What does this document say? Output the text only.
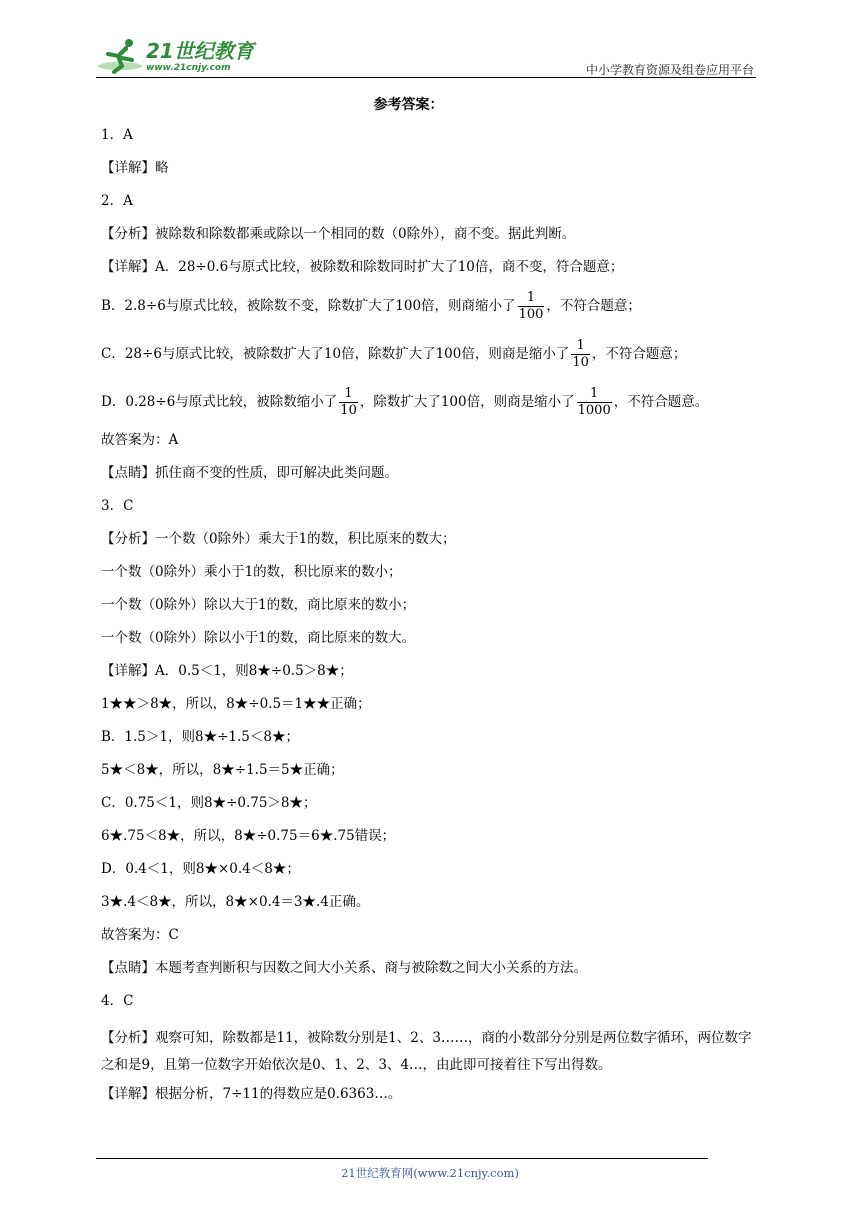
21世纪教育
www.21cnjy.com	中小学教育资源及组卷应用平台
参考答案：
1．A
【详解】略
2．A
【分析】被除数和除数都乘或除以一个相同的数（0除外），商不变。据此判断。
【详解】A．28÷0.6与原式比较，被除数和除数同时扩大了10倍，商不变，符合题意；
B．2.8÷6与原式比较，被除数不变，除数扩大了100倍，则商缩小了 $\frac{1}{100}$ ，不符合题意；
C．28÷6与原式比较，被除数扩大了10倍，除数扩大了100倍，则商是缩小了 $\frac{1}{10}$ ，不符合题意；
D．0.28÷6与原式比较，被除数缩小了 $\frac{1}{10}$ ，除数扩大了100倍，则商是缩小了 $\frac{1}{1000}$ ，不符合题意。
故答案为：A
【点睛】抓住商不变的性质，即可解决此类问题。
3．C
【分析】一个数（0除外）乘大于1的数，积比原来的数大；
一个数（0除外）乘小于1的数，积比原来的数小；
一个数（0除外）除以大于1的数，商比原来的数小；
一个数（0除外）除以小于1的数，商比原来的数大。
【详解】A．0.5＜1，则8★÷0.5＞8★；
1★★＞8★，所以，8★÷0.5＝1★★正确；
B．1.5＞1，则8★÷1.5＜8★；
5★＜8★，所以，8★÷1.5＝5★正确；
C．0.75＜1，则8★÷0.75＞8★；
6★.75＜8★，所以，8★÷0.75＝6★.75错误；
D．0.4＜1，则8★×0.4＜8★；
3★.4＜8★，所以，8★×0.4＝3★.4正确。
故答案为：C
【点睛】本题考查判断积与因数之间大小关系、商与被除数之间大小关系的方法。
4．C
【分析】观察可知，除数都是11，被除数分别是1、2、3……，商的小数部分分别是两位数字循环，两位数字之和是9，且第一位数字开始依次是0、1、2、3、4…，由此即可接着往下写出得数。
【详解】根据分析，7÷11的得数应是0.6363…。
21世纪教育网(www.21cnjy.com)
